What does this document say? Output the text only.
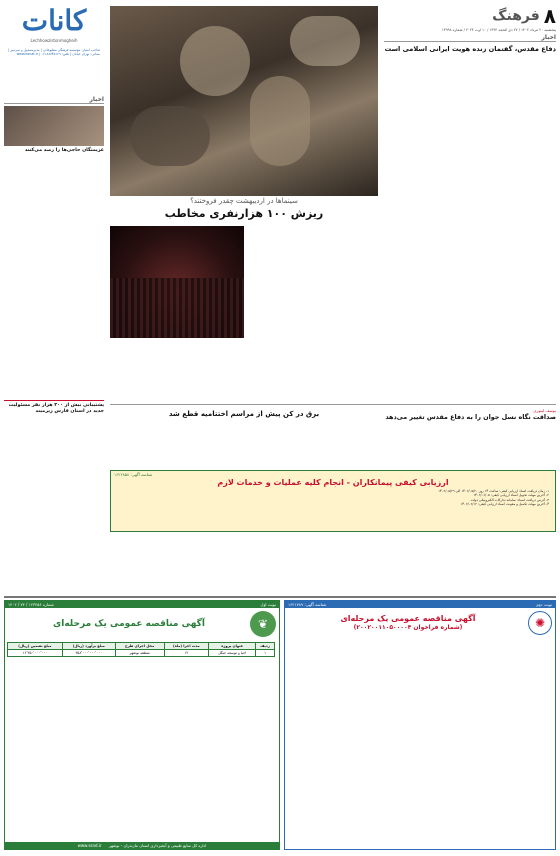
کانات
Lechhowzistonmogheih
صاحب امتیاز: مؤسسه فرهنگی مطبوعاتی | مدیرمسئول و سردبیر | نشانی: تهران خیابان | تلفن: ۰۲۱۸۸۷۴۵۱۲۹ | www.kanat.ir
۸
فرهنگ
پنجشنبه ۲۰ مرداد ۱۴۰۲ / ۲۷ ذی الحجه ۱۴۴۴ / ۱۰ اوت ۲۰۲۳ / شماره ۱۳۹۹۸
سینماها در اردیبهشت چقدر فروختند؟
ریزش ۱۰۰ هزارنفری مخاطب
اخبار
دفاع مقدس، گفتمان زنده هویت ایرانی اسلامی است
اخبار
عزیمتگان حاجی‌ها را رصد می‌کنند
پشتیبانی بیش از ۳۰۰ هزار نفر مسئولیت جدید در استان فارس زیرمیند	یوسف لینوری
صداقت نگاه نسل جوان را به دفاع مقدس تغییر می‌دهد
برق در کن پیش از مراسم اختتامیه قطع شد
شناسه آگهی: ۱۶۲۲۸۵۸
ارزیابی کیفی پیمانکاران - انجام کلیه عملیات و خدمات لازم
۱- زمان دریافت اسناد ارزیابی کیفی: ساعت ۱۴ روز ۱۴۰۲/۰۵/۲۰ الی ۱۴۰۲/۰۵/۲۹
۲- آخرین مهلت تحویل اسناد ارزیابی کیفی: ۱۴۰۲/۰۶/۰۵
۳- آدرس دریافت اسناد: سامانه تدارکات الکترونیکی دولت
۴- آخرین مهلت تکمیل و معونت اسناد ارزیابی کیفی: ۱۴۰۲/۰۶/۱۲
نوبت دوم
شناسه آگهی: ۱۶۲۱۷۸۹
✺
آگهی مناقصه عمومی یک مرحله‌ای
(شماره فراخوان ۲۰۰۲۰۰۱۱۰۵۰۰۰۰۴)
نوبت اول
شماره ۱۲۳۴۵۶ / ۷۴ / ۱۴۰۲
❦
آگهی مناقصه عمومی یک مرحله‌ای
ردیف	عنوان پروژه	مدت اجرا (ماه)	محل اجرای طرح	مبلغ برآورد (ریال)	مبلغ تضمین (ریال)
۱	احیا و توسعه جنگل	۱۲	منطقه نوشهر	۳۵۸٬۰۰۰٬۰۰۰٬۰۰۰	۱۶٬۳۵۰٬۰۰۰٬۰۰۰
اداره کل منابع طبیعی و آبخیزداری استان مازندران - نوشهر www.ssnd.ir
